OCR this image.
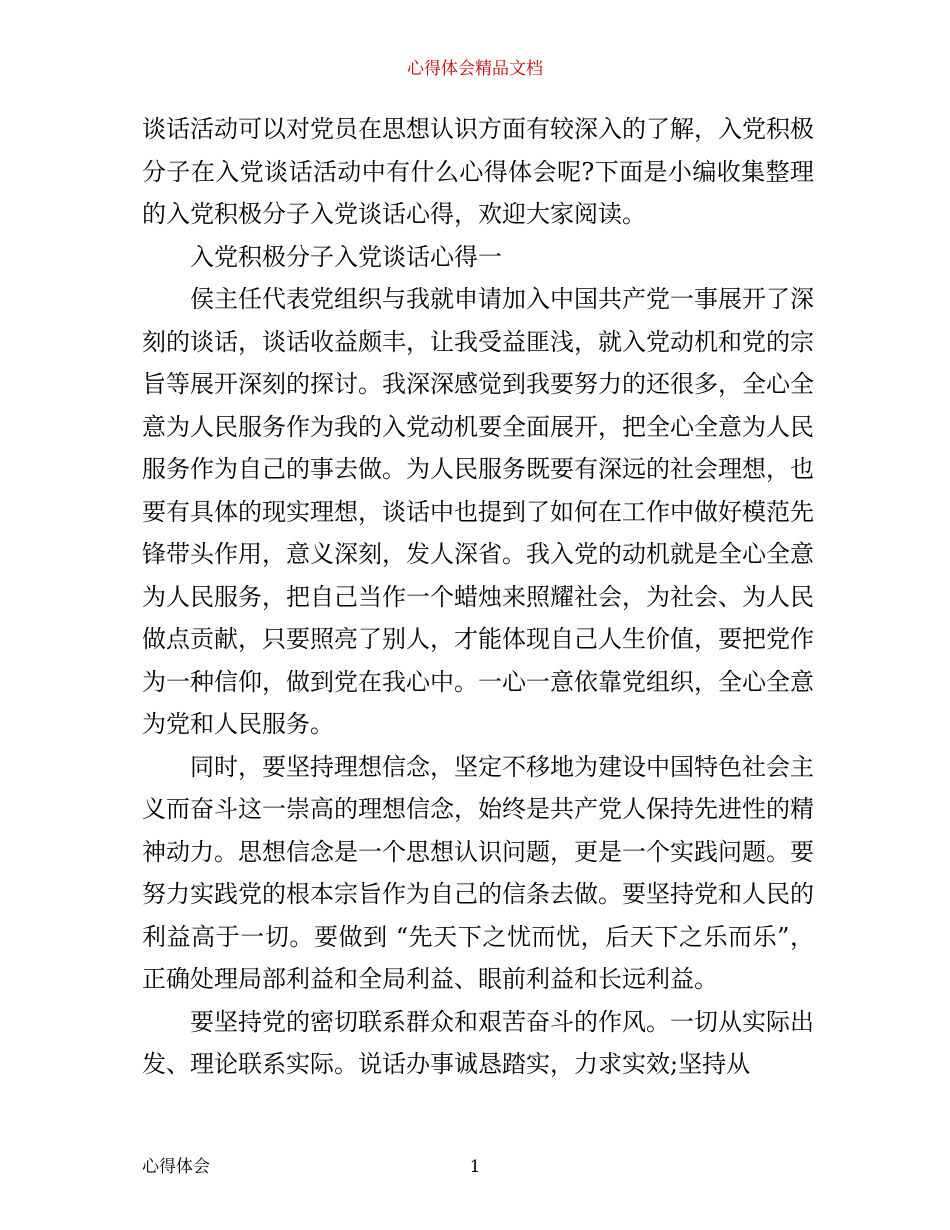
心得体会精品文档

谈话活动可以对党员在思想认识方面有较深入的了解，入党积极分子在入党谈话活动中有什么心得体会呢?下面是小编收集整理的入党积极分子入党谈话心得，欢迎大家阅读。

入党积极分子入党谈话心得一

侯主任代表党组织与我就申请加入中国共产党一事展开了深刻的谈话，谈话收益颇丰，让我受益匪浅，就入党动机和党的宗旨等展开深刻的探讨。我深深感觉到我要努力的还很多，全心全意为人民服务作为我的入党动机要全面展开，把全心全意为人民服务作为自己的事去做。为人民服务既要有深远的社会理想，也要有具体的现实理想，谈话中也提到了如何在工作中做好模范先锋带头作用，意义深刻，发人深省。我入党的动机就是全心全意为人民服务，把自己当作一个蜡烛来照耀社会，为社会、为人民做点贡献，只要照亮了别人，才能体现自己人生价值，要把党作为一种信仰，做到党在我心中。一心一意依靠党组织，全心全意为党和人民服务。

同时，要坚持理想信念，坚定不移地为建设中国特色社会主义而奋斗这一崇高的理想信念，始终是共产党人保持先进性的精神动力。思想信念是一个思想认识问题，更是一个实践问题。要努力实践党的根本宗旨作为自己的信条去做。要坚持党和人民的利益高于一切。要做到 “先天下之忧而忧，后天下之乐而乐”，正确处理局部利益和全局利益、眼前利益和长远利益。

要坚持党的密切联系群众和艰苦奋斗的作风。一切从实际出发、理论联系实际。说话办事诚恳踏实，力求实效;坚持从

心得体会	1
